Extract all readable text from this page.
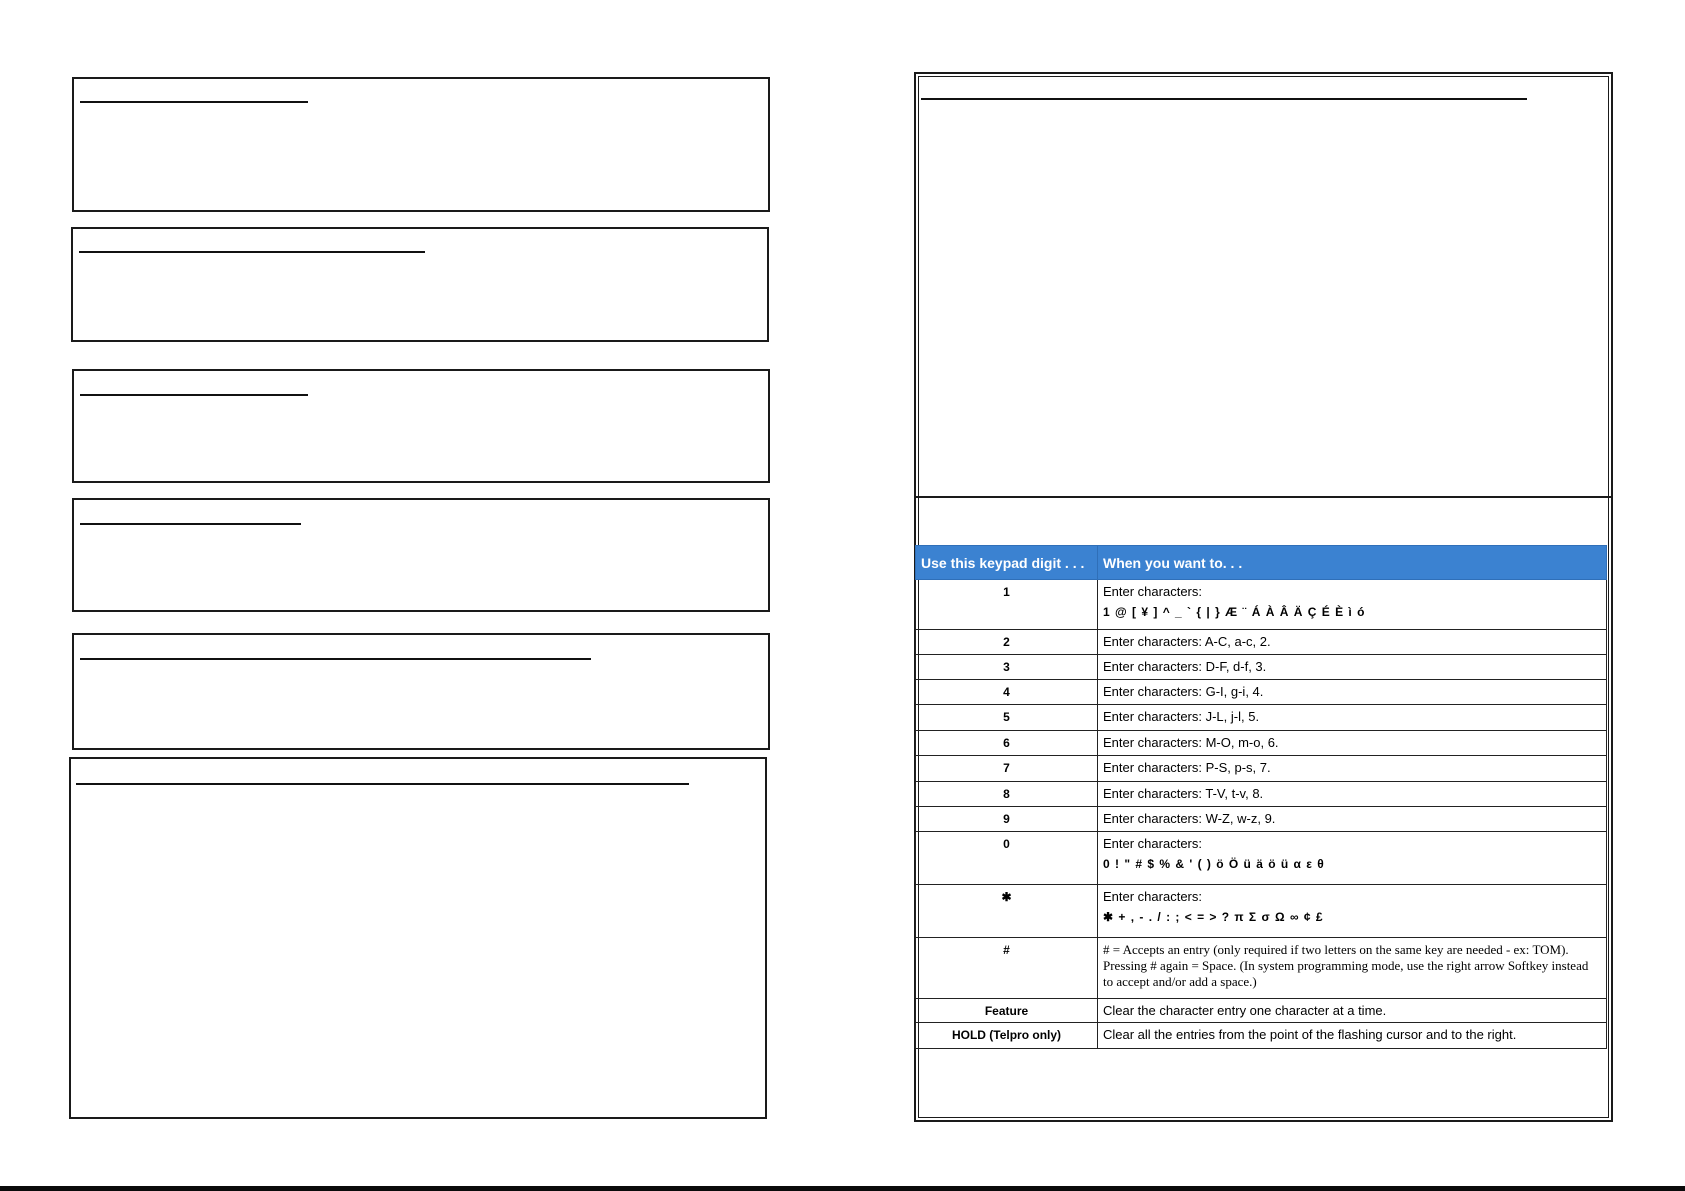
Use this keypad digit . . .	When you want to. . .
1	Enter characters:
1 @ [ ¥ ] ^ _ ` { | } Æ ¨ Á À Â Ä Ç É È ì ó

2	Enter characters: A-C, a-c, 2.
3	Enter characters: D-F, d-f, 3.
4	Enter characters: G-I, g-i, 4.
5	Enter characters: J-L, j-l, 5.
6	Enter characters: M-O, m-o, 6.
7	Enter characters: P-S, p-s, 7.
8	Enter characters: T-V, t-v, 8.
9	Enter characters: W-Z, w-z, 9.
0	Enter characters:
0 ! " # $ % & ' ( ) ö Ö ü ä ö ü α ε θ

✱	Enter characters:
✱ + , - . / : ; < = > ? π Σ σ Ω ∞ ¢ £

#	# = Accepts an entry (only required if two letters on the same key are needed - ex: TOM). Pressing # again = Space. (In system programming mode, use the right arrow Softkey instead to accept and/or add a space.)
Feature	Clear the character entry one character at a time.
HOLD (Telpro only)	Clear all the entries from the point of the flashing cursor and to the right.
